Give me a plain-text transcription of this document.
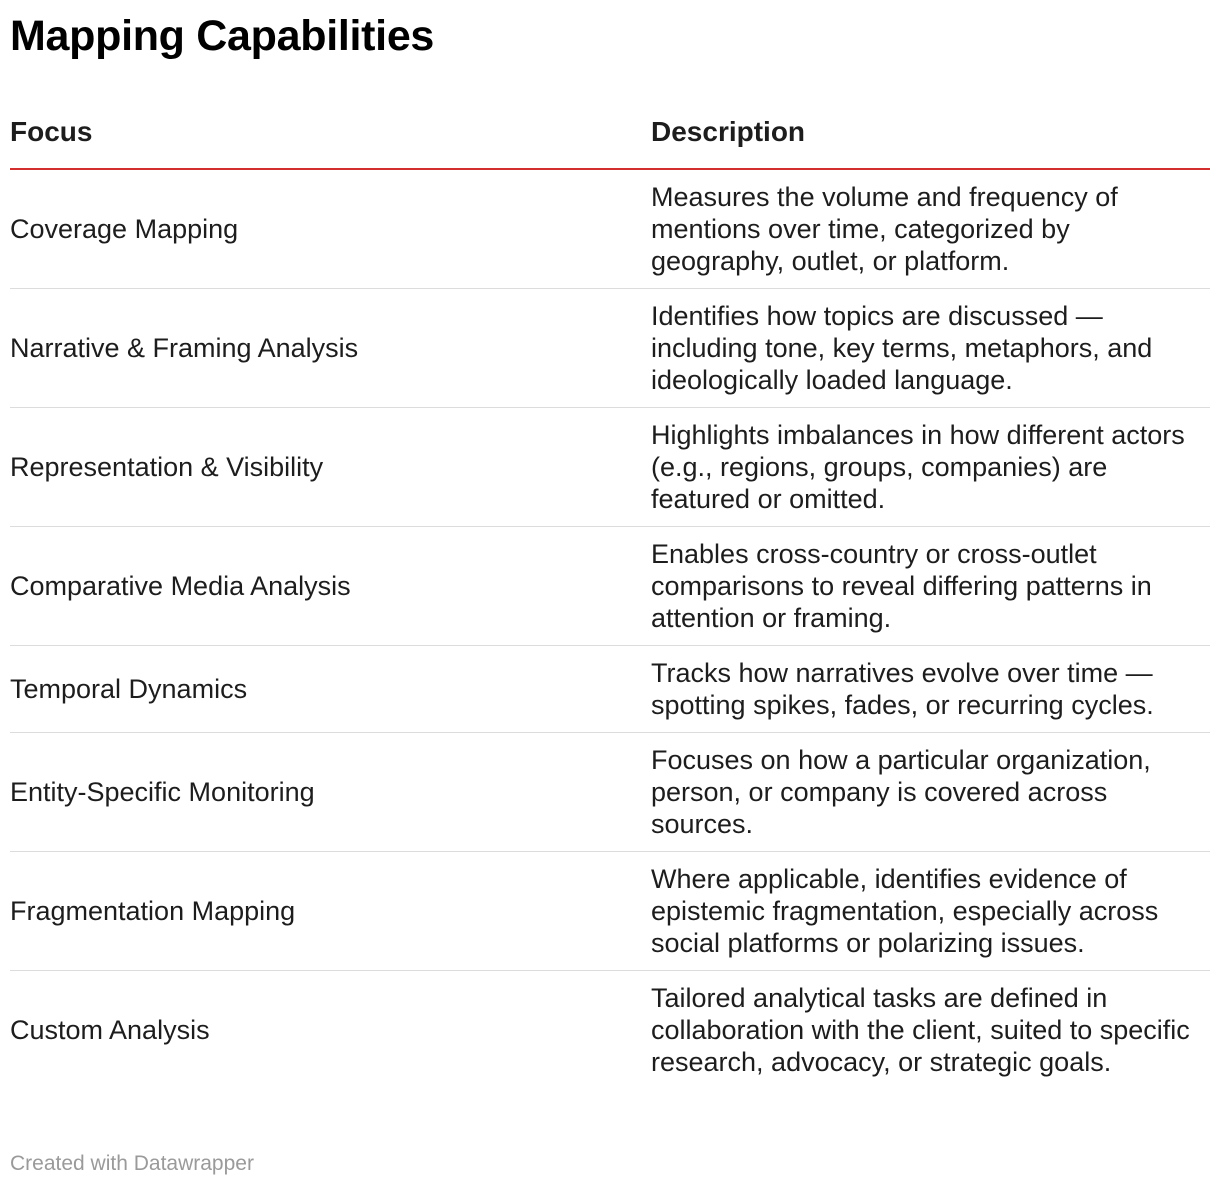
Mapping Capabilities
Focus	Description
Coverage Mapping	Measures the volume and frequency of mentions over time, categorized by geography, outlet, or platform.
Narrative & Framing Analysis	Identifies how topics are discussed — including tone, key terms, metaphors, and ideologically loaded language.
Representation & Visibility	Highlights imbalances in how different actors (e.g., regions, groups, companies) are featured or omitted.
Comparative Media Analysis	Enables cross-country or cross-outlet comparisons to reveal differing patterns in attention or framing.
Temporal Dynamics	Tracks how narratives evolve over time — spotting spikes, fades, or recurring cycles.
Entity-Specific Monitoring	Focuses on how a particular organization, person, or company is covered across sources.
Fragmentation Mapping	Where applicable, identifies evidence of epistemic fragmentation, especially across social platforms or polarizing issues.
Custom Analysis	Tailored analytical tasks are defined in collaboration with the client, suited to specific research, advocacy, or strategic goals.
Created with Datawrapper
